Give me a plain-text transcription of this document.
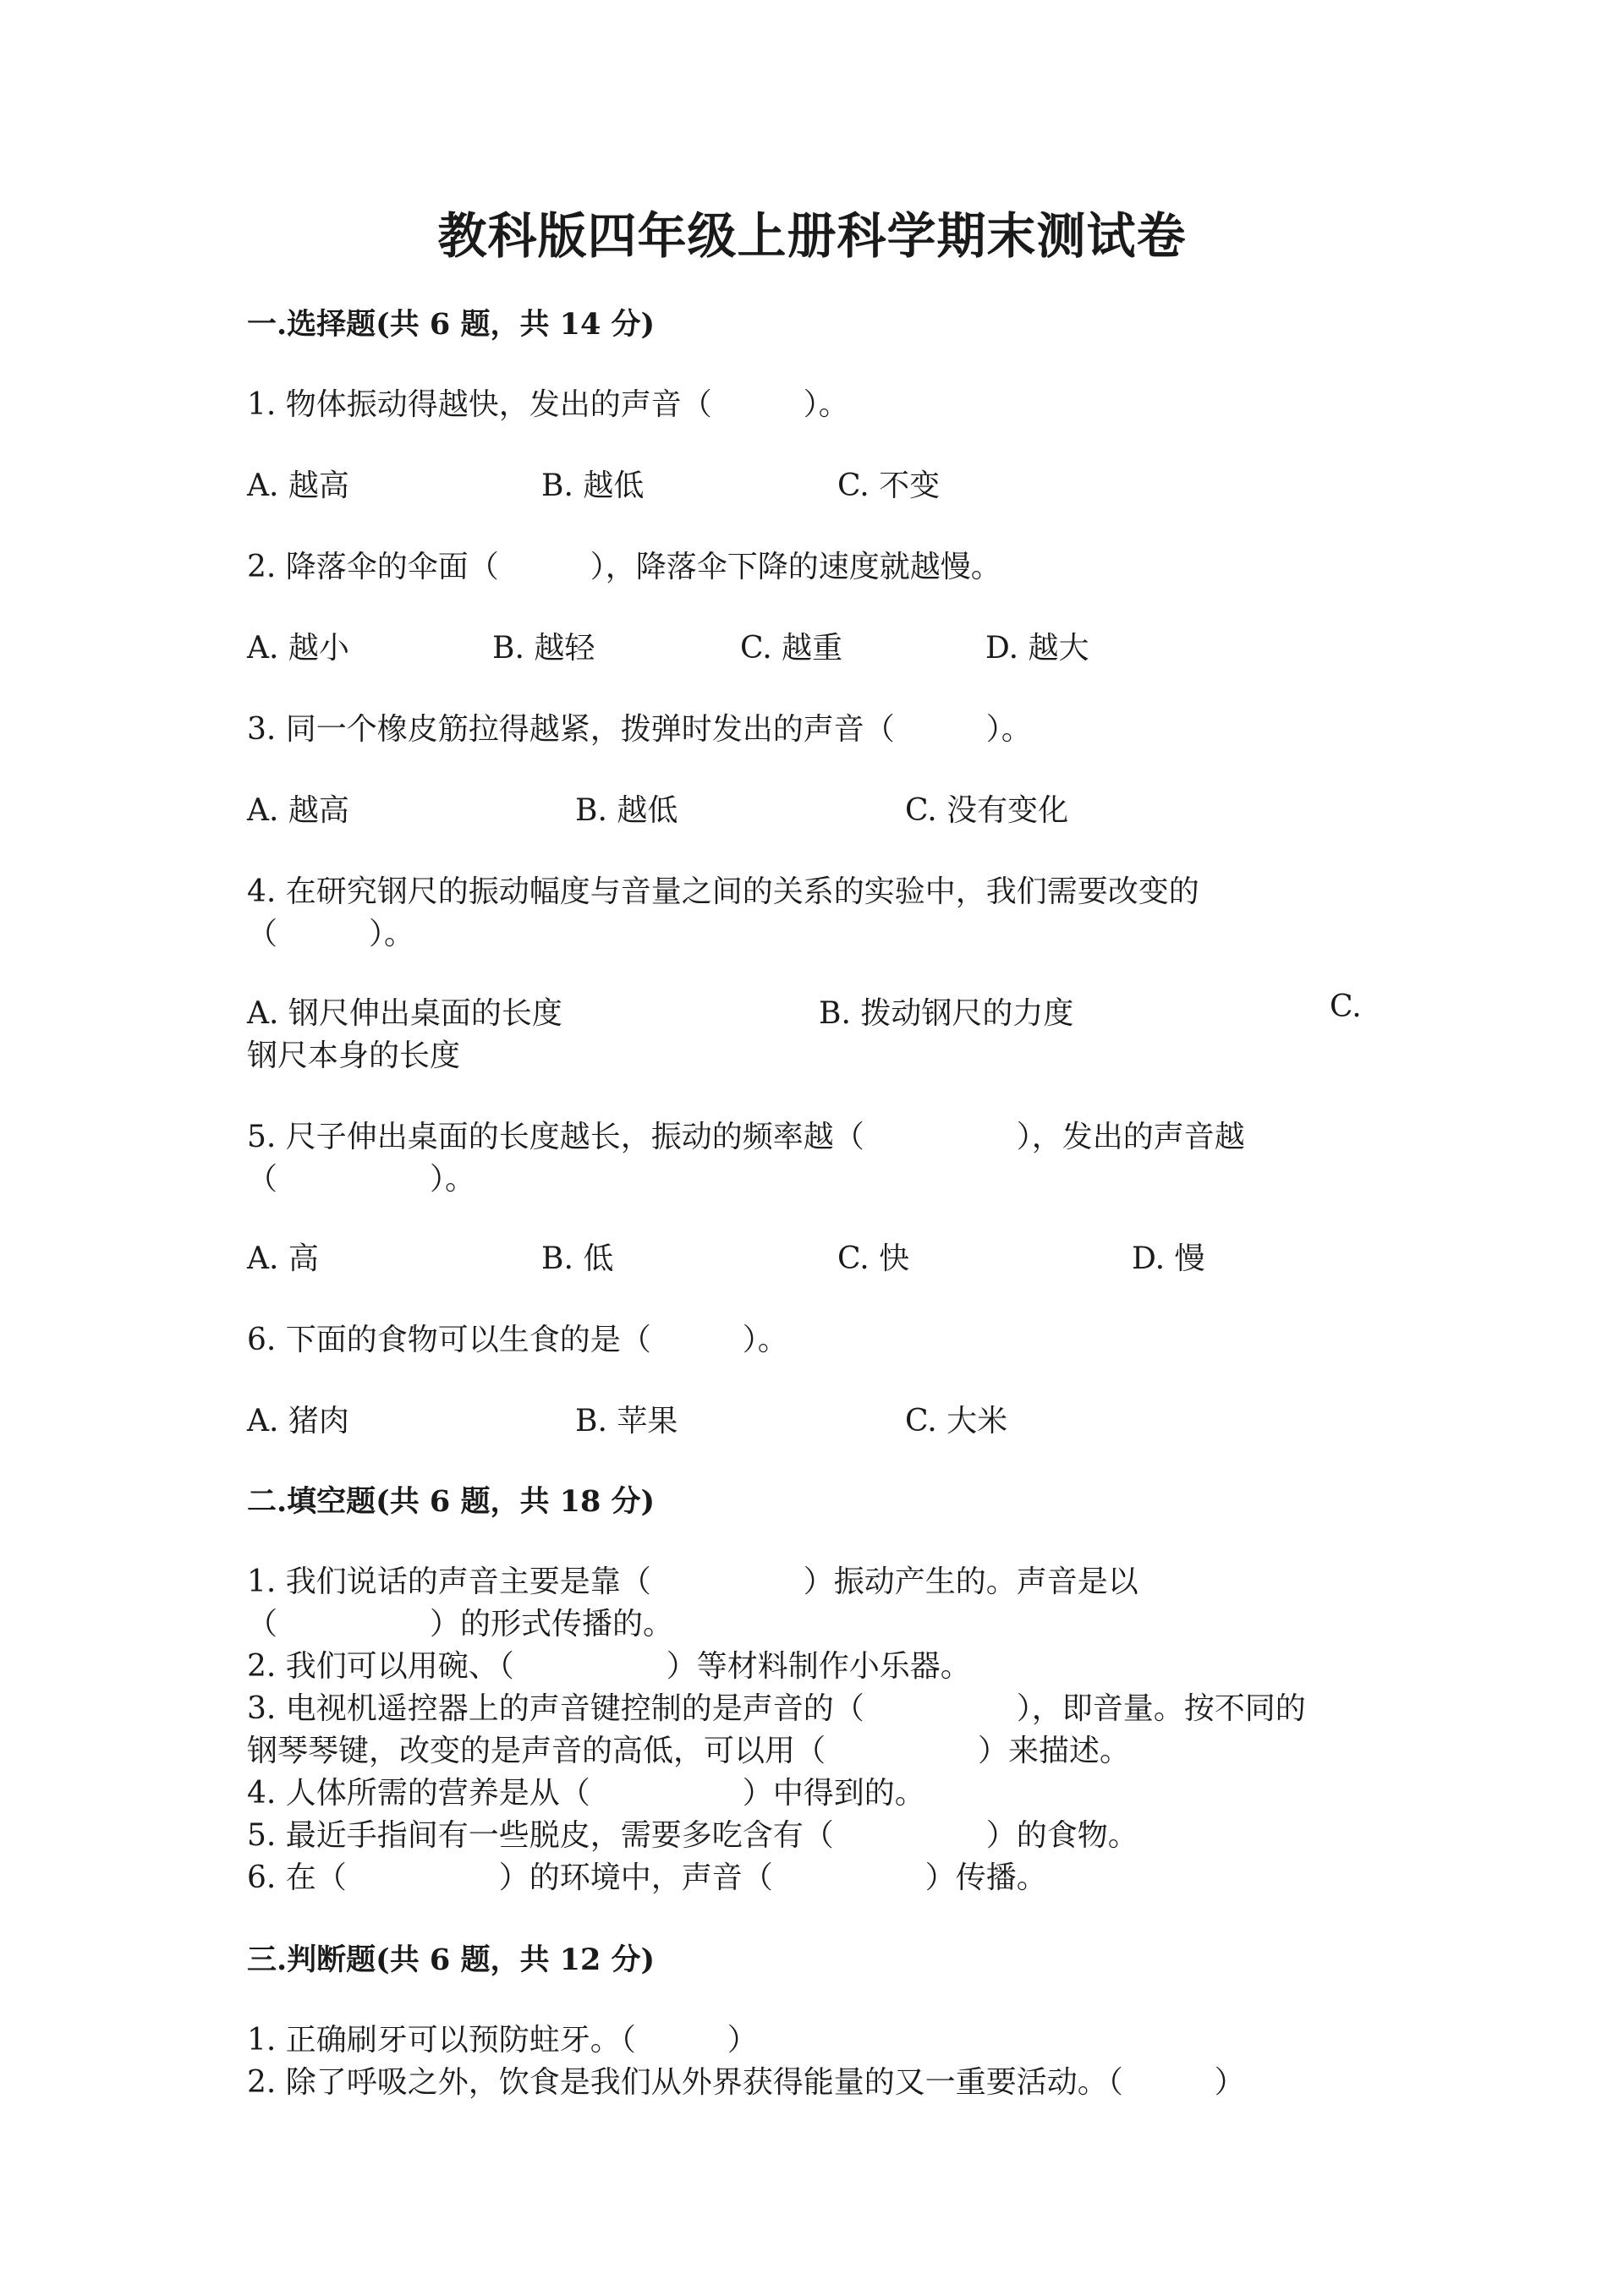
教科版四年级上册科学期末测试卷
一.选择题(共 6 题，共 14 分)
1. 物体振动得越快，发出的声音（　　　）。
A. 越高	B. 越低	C. 不变
2. 降落伞的伞面（　　　），降落伞下降的速度就越慢。
A. 越小	B. 越轻	C. 越重	D. 越大
3. 同一个橡皮筋拉得越紧，拨弹时发出的声音（　　　）。
A. 越高	B. 越低	C. 没有变化
4. 在研究钢尺的振动幅度与音量之间的关系的实验中，我们需要改变的
（　　　）。
A. 钢尺伸出桌面的长度	B. 拨动钢尺的力度	C.
钢尺本身的长度
5. 尺子伸出桌面的长度越长，振动的频率越（　　　　　），发出的声音越
（　　　　　）。
A. 高	B. 低	C. 快	D. 慢
6. 下面的食物可以生食的是（　　　）。
A. 猪肉	B. 苹果	C. 大米
二.填空题(共 6 题，共 18 分)
1. 我们说话的声音主要是靠（　　　　　）振动产生的。声音是以
（　　　　　）的形式传播的。
2. 我们可以用碗、（　　　　　）等材料制作小乐器。
3. 电视机遥控器上的声音键控制的是声音的（　　　　　），即音量。按不同的
钢琴琴键，改变的是声音的高低，可以用（　　　　　）来描述。
4. 人体所需的营养是从（　　　　　）中得到的。
5. 最近手指间有一些脱皮，需要多吃含有（　　　　　）的食物。
6. 在（　　　　　）的环境中，声音（　　　　　）传播。
三.判断题(共 6 题，共 12 分)
1. 正确刷牙可以预防蛀牙。（　　　）
2. 除了呼吸之外，饮食是我们从外界获得能量的又一重要活动。（　　　）
